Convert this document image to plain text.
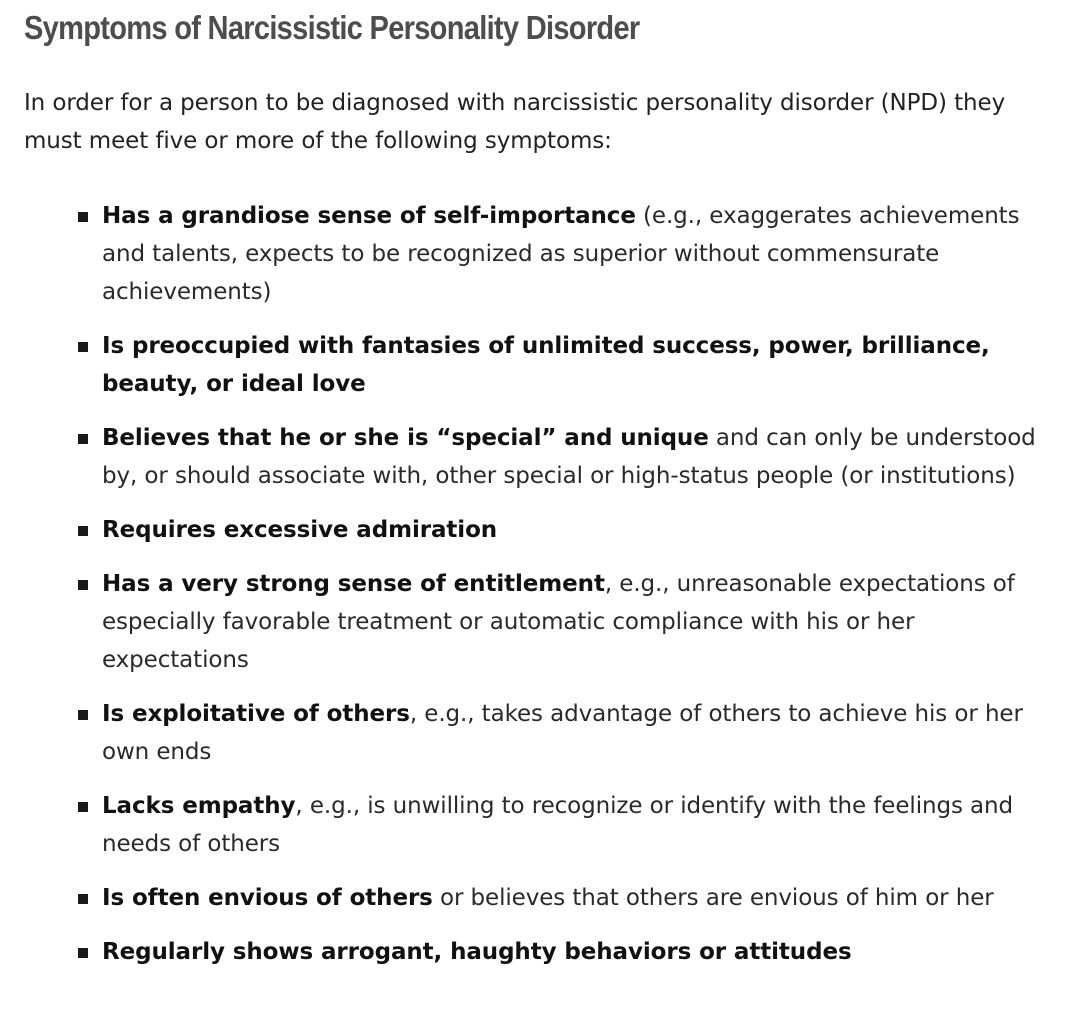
Symptoms of Narcissistic Personality Disorder

In order for a person to be diagnosed with narcissistic personality disorder (NPD) they must meet five or more of the following symptoms:

Has a grandiose sense of self-importance (e.g., exaggerates achievements and talents, expects to be recognized as superior without commensurate achievements)
Is preoccupied with fantasies of unlimited success, power, brilliance, beauty, or ideal love
Believes that he or she is “special” and unique and can only be understood by, or should associate with, other special or high-status people (or institutions)
Requires excessive admiration
Has a very strong sense of entitlement, e.g., unreasonable expectations of especially favorable treatment or automatic compliance with his or her expectations
Is exploitative of others, e.g., takes advantage of others to achieve his or her own ends
Lacks empathy, e.g., is unwilling to recognize or identify with the feelings and needs of others
Is often envious of others or believes that others are envious of him or her
Regularly shows arrogant, haughty behaviors or attitudes
